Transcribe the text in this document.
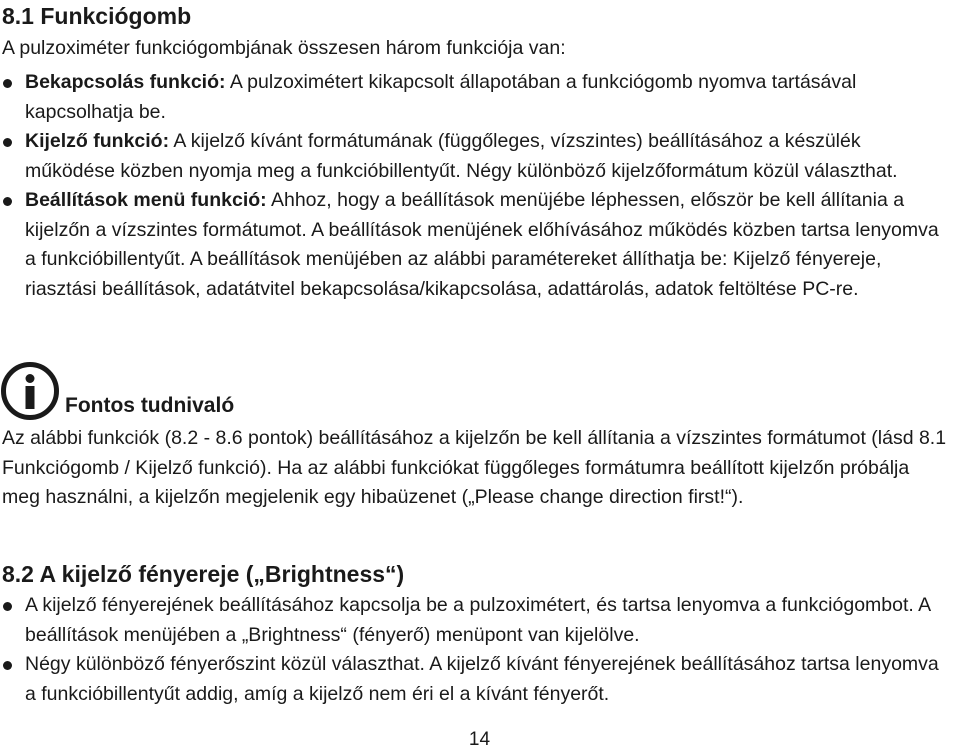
8.1 Funkciógomb

A pulzoximéter funkciógombjának összesen három funkciója van:

Bekapcsolás funkció: A pulzoximétert kikapcsolt állapotában a funkciógomb nyomva tartásával kapcsolhatja be.
Kijelző funkció: A kijelző kívánt formátumának (függőleges, vízszintes) beállításához a készülék működése közben nyomja meg a funkcióbillentyűt. Négy különböző kijelzőformátum közül választhat.
Beállítások menü funkció: Ahhoz, hogy a beállítások menüjébe léphessen, először be kell állítania a kijelzőn a vízszintes formátumot. A beállítások menüjének előhívásához működés közben tartsa lenyomva a funkcióbillentyűt. A beállítások menüjében az alábbi paramétereket állíthatja be: Kijelző fényereje, riasztási beállítások, adatátvitel bekapcsolása/kikapcsolása, adattárolás, adatok feltöltése PC-re.
Fontos tudnivaló

Az alábbi funkciók (8.2 - 8.6 pontok) beállításához a kijelzőn be kell állítania a vízszintes formátumot (lásd 8.1 Funkciógomb / Kijelző funkció). Ha az alábbi funkciókat függőleges formátumra beállított kijelzőn próbálja meg használni, a kijelzőn megjelenik egy hibaüzenet („Please change direction first!“).

8.2 A kijelző fényereje („Brightness“)
A kijelző fényerejének beállításához kapcsolja be a pulzoximétert, és tartsa lenyomva a funkciógombot. A beállítások menüjében a „Brightness“ (fényerő) menüpont van kijelölve.
Négy különböző fényerőszint közül választhat. A kijelző kívánt fényerejének beállításához tartsa lenyomva a funkcióbillentyűt addig, amíg a kijelző nem éri el a kívánt fényerőt.
14
